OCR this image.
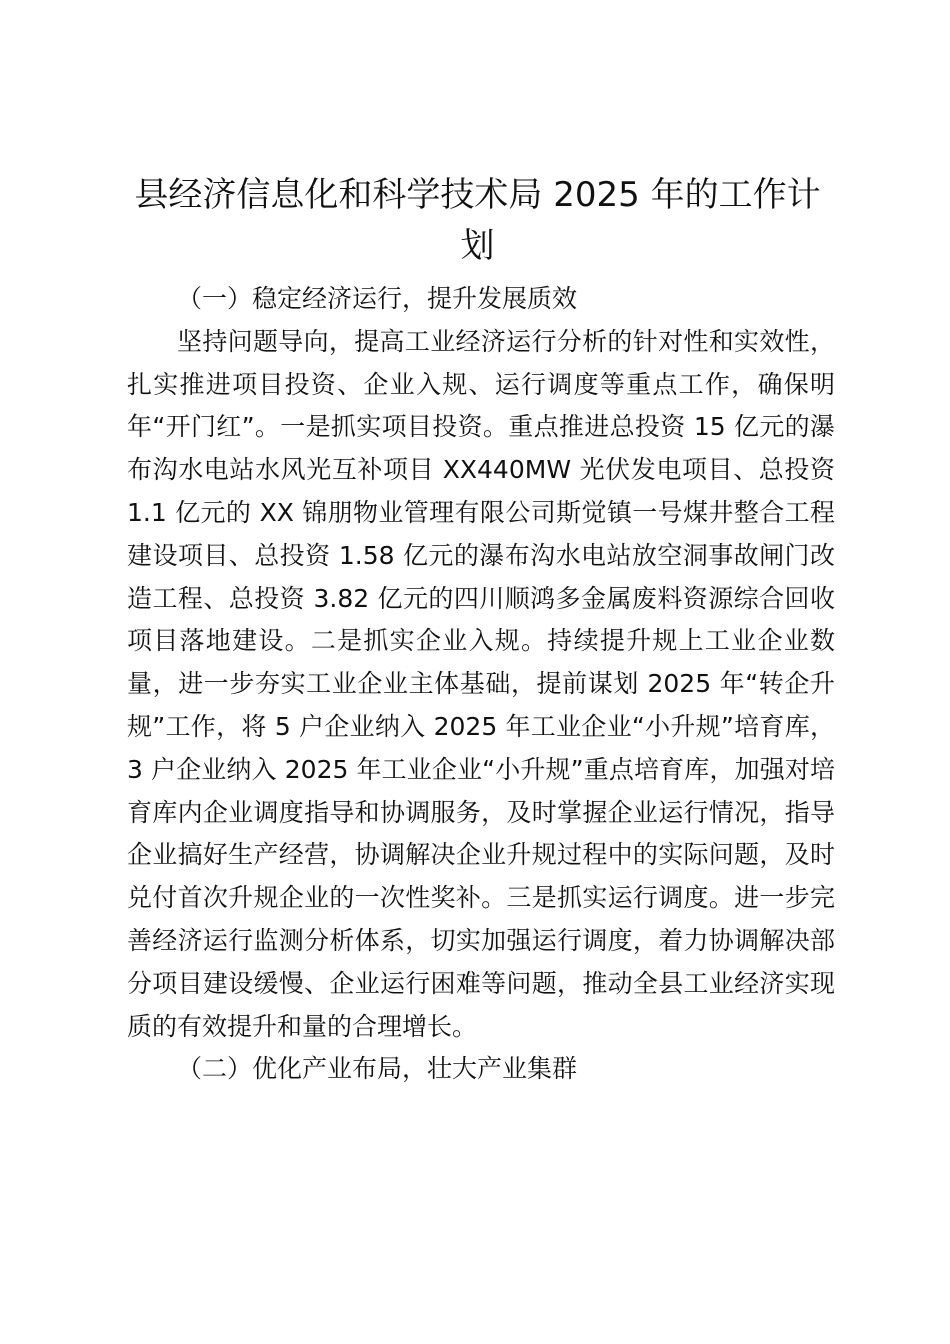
县经济信息化和科学技术局 2025 年的工作计划

（一）稳定经济运行，提升发展质效

坚持问题导向，提高工业经济运行分析的针对性和实效性，扎实推进项目投资、企业入规、运行调度等重点工作，确保明年“开门红”。一是抓实项目投资。重点推进总投资 15 亿元的瀑布沟水电站水风光互补项目 XX440MW 光伏发电项目、总投资 1.1 亿元的 XX 锦朋物业管理有限公司斯觉镇一号煤井整合工程建设项目、总投资 1.58 亿元的瀑布沟水电站放空洞事故闸门改造工程、总投资 3.82 亿元的四川顺鸿多金属废料资源综合回收项目落地建设。二是抓实企业入规。持续提升规上工业企业数量，进一步夯实工业企业主体基础，提前谋划 2025 年“转企升规”工作，将 5 户企业纳入 2025 年工业企业“小升规”培育库，3 户企业纳入 2025 年工业企业“小升规”重点培育库，加强对培育库内企业调度指导和协调服务，及时掌握企业运行情况，指导企业搞好生产经营，协调解决企业升规过程中的实际问题，及时兑付首次升规企业的一次性奖补。三是抓实运行调度。进一步完善经济运行监测分析体系，切实加强运行调度，着力协调解决部分项目建设缓慢、企业运行困难等问题，推动全县工业经济实现质的有效提升和量的合理增长。

（二）优化产业布局，壮大产业集群
